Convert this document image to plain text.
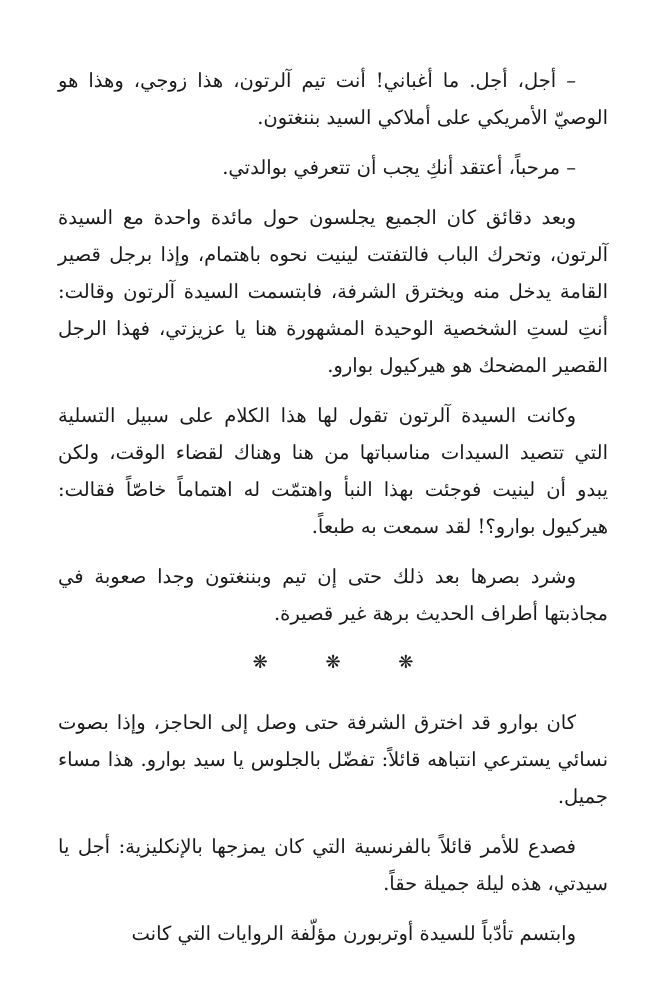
– أجل، أجل. ما أغباني! أنت تيم آلرتون، هذا زوجي، وهذا هو الوصيّ الأمريكي على أملاكي السيد بننغتون.

– مرحباً، أعتقد أنكِ يجب أن تتعرفي بوالدتي.

وبعد دقائق كان الجميع يجلسون حول مائدة واحدة مع السيدة آلرتون، وتحرك الباب فالتفتت لينيت نحوه باهتمام، وإذا برجل قصير القامة يدخل منه ويخترق الشرفة، فابتسمت السيدة آلرتون وقالت: أنتِ لستِ الشخصية الوحيدة المشهورة هنا يا عزيزتي، فهذا الرجل القصير المضحك هو هيركيول بوارو.

وكانت السيدة آلرتون تقول لها هذا الكلام على سبيل التسلية التي تتصيد السيدات مناسباتها من هنا وهناك لقضاء الوقت، ولكن يبدو أن لينيت فوجئت بهذا النبأ واهتمّت له اهتماماً خاصّاً فقالت: هيركيول بوارو؟! لقد سمعت به طبعاً.

وشرد بصرها بعد ذلك حتى إن تيم وبننغتون وجدا صعوبة في مجاذبتها أطراف الحديث برهة غير قصيرة.

❋ ❋ ❋

كان بوارو قد اخترق الشرفة حتى وصل إلى الحاجز، وإذا بصوت نسائي يسترعي انتباهه قائلاً: تفضّل بالجلوس يا سيد بوارو. هذا مساء جميل.

فصدع للأمر قائلاً بالفرنسية التي كان يمزجها بالإنكليزية: أجل يا سيدتي، هذه ليلة جميلة حقاً.

وابتسم تأدّباً للسيدة أوتربورن مؤلّفة الروايات التي كانت
